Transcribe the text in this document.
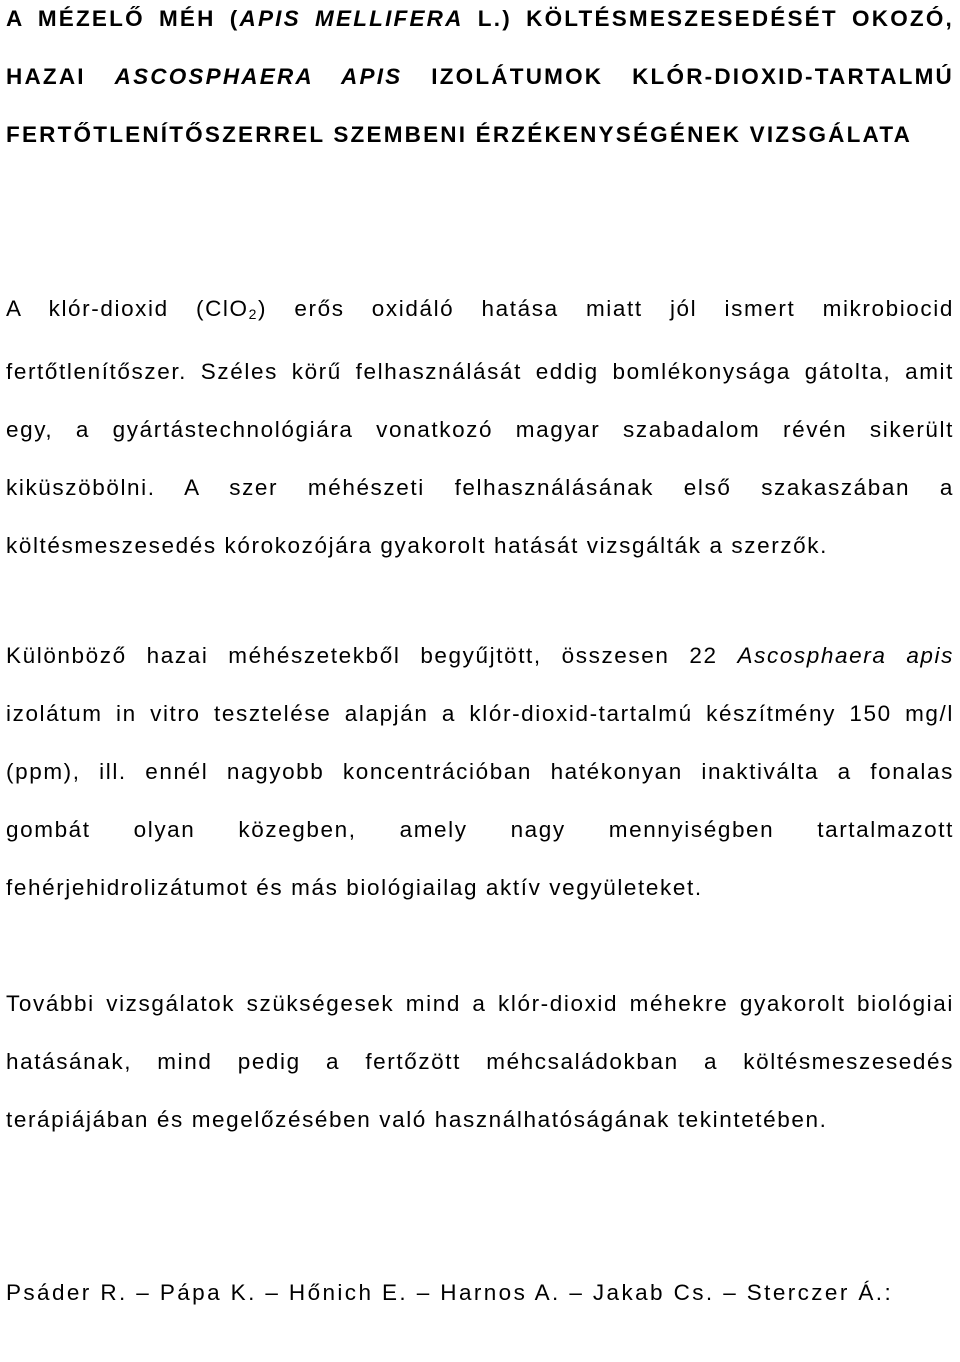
A MÉZELŐ MÉH (APIS MELLIFERA L.) KÖLTÉSMESZESEDÉSÉT OKOZÓ, HAZAI ASCOSPHAERA APIS IZOLÁTUMOK KLÓR-DIOXID-TARTALMÚ FERTŐTLENÍTŐSZERREL SZEMBENI ÉRZÉKENYSÉGÉNEK VIZSGÁLATA

A klór-dioxid (ClO$_2$) erős oxidáló hatása miatt jól ismert mikrobiocid fertőtlenítőszer. Széles körű felhasználását eddig bomlékonysága gátolta, amit egy, a gyártástechnológiára vonatkozó magyar szabadalom révén sikerült kiküszöbölni. A szer méhészeti felhasználásának első szakaszában a költésmeszesedés kórokozójára gyakorolt hatását vizsgálták a szerzők.

Különböző hazai méhészetekből begyűjtött, összesen 22 Ascosphaera apis izolátum in vitro tesztelése alapján a klór-dioxid-tartalmú készítmény 150 mg/l (ppm), ill. ennél nagyobb koncentrációban hatékonyan inaktiválta a fonalas gombát olyan közegben, amely nagy mennyiségben tartalmazott fehérjehidrolizátumot és más biológiailag aktív vegyületeket.

További vizsgálatok szükségesek mind a klór-dioxid méhekre gyakorolt biológiai hatásának, mind pedig a fertőzött méhcsaládokban a költésmeszesedés terápiájában és megelőzésében való használhatóságának tekintetében.

Psáder R. – Pápa K. – Hőnich E. – Harnos A. – Jakab Cs. – Sterczer Á.:
